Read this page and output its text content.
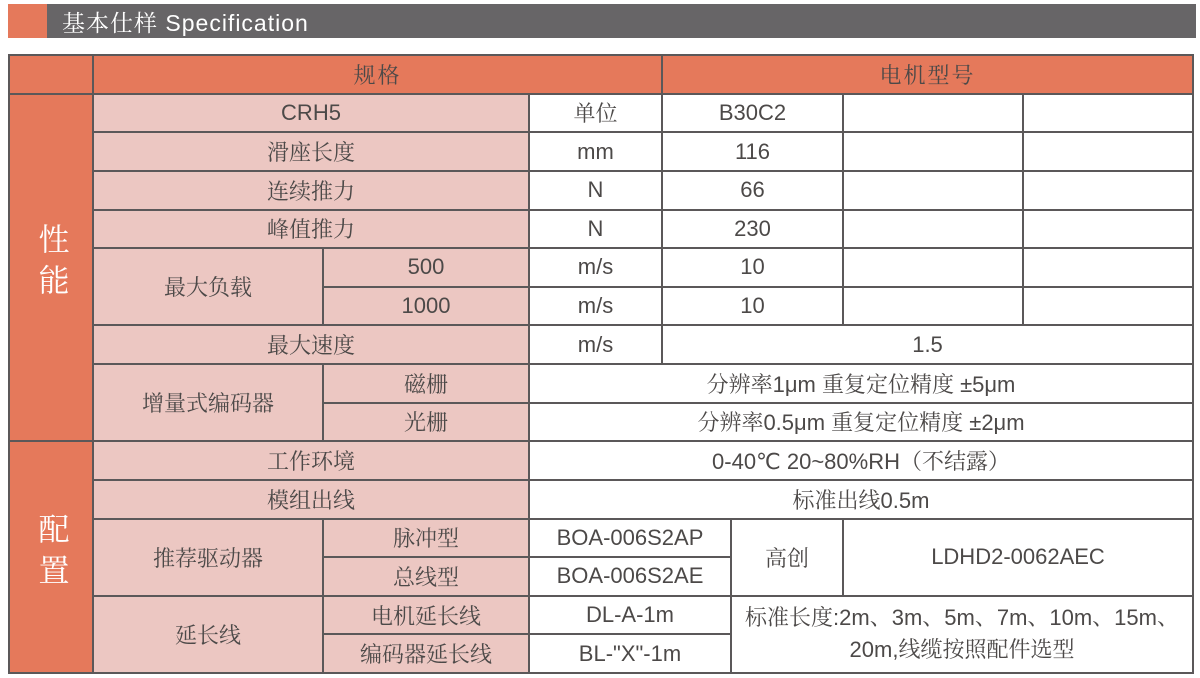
基本仕样 Specification
	规格			电机型号			
性能	CRH5		单位	B30C2			
	滑座长度		mm	116			
	连续推力		N	66			
	峰值推力		N	230			
	最大负载	500	m/s	10			
		1000	m/s	10			
	最大速度		m/s	1.5			
	增量式编码器	磁栅	分辨率1μm 重复定位精度 ±5μm				
		光栅	分辨率0.5μm 重复定位精度 ±2μm				
配置	工作环境		0-40℃ 20~80%RH（不结露）				
	模组出线		标准出线0.5m				
	推荐驱动器	脉冲型	BOA-006S2AP		高创	LDHD2-0062AEC	
		总线型	BOA-006S2AE				
	延长线	电机延长线	DL-A-1m		标准长度:2m、3m、5m、7m、10m、15m、20m,线缆按照配件选型		
		编码器延长线	BL-"X"-1m				
